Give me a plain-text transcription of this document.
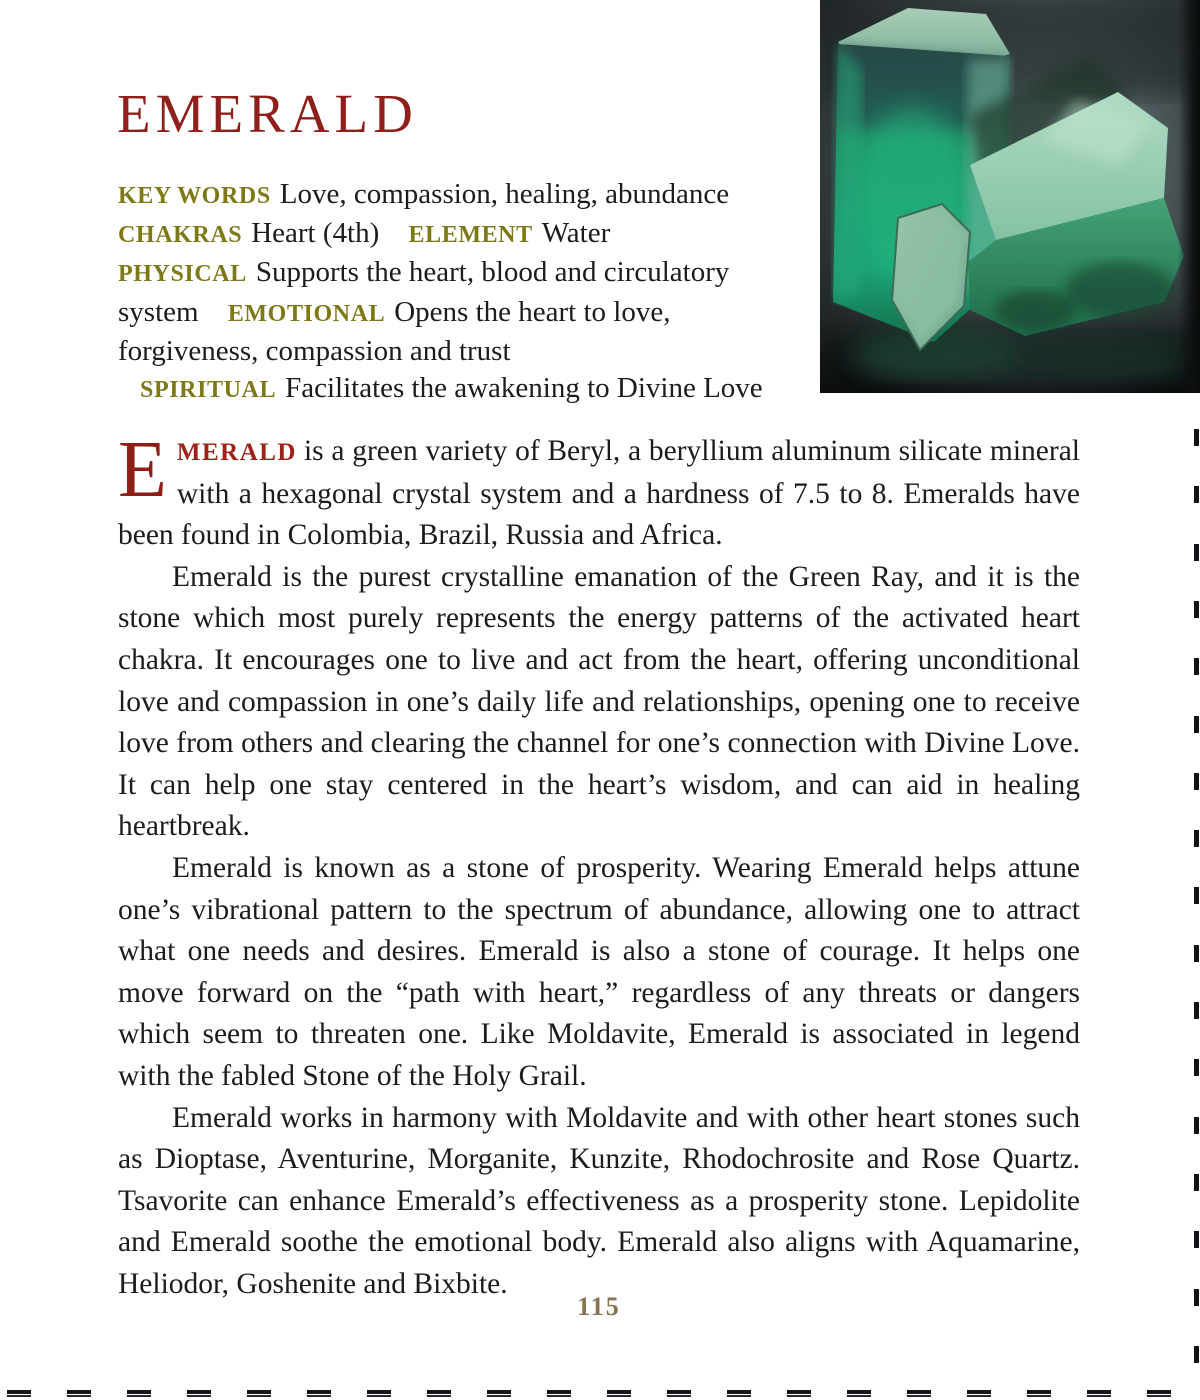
EMERALD
KEY WORDS Love, compassion, healing, abundance
CHAKRAS Heart (4th) ELEMENT Water
PHYSICAL Supports the heart, blood and circulatory system EMOTIONAL Opens the heart to love, forgiveness, compassion and trust SPIRITUAL Facilitates the awakening to Divine Love

EMERALD is a green variety of Beryl, a beryllium aluminum silicate mineral with a hexagonal crystal system and a hardness of 7.5 to 8. Emeralds have been found in Colombia, Brazil, Russia and Africa.

Emerald is the purest crystalline emanation of the Green Ray, and it is the stone which most purely represents the energy patterns of the activated heart chakra. It encourages one to live and act from the heart, offering unconditional love and compassion in one’s daily life and relationships, opening one to receive love from others and clearing the channel for one’s connection with Divine Love. It can help one stay centered in the heart’s wisdom, and can aid in healing heartbreak.

Emerald is known as a stone of prosperity. Wearing Emerald helps attune one’s vibrational pattern to the spectrum of abundance, allowing one to attract what one needs and desires. Emerald is also a stone of courage. It helps one move forward on the “path with heart,” regardless of any threats or dangers which seem to threaten one. Like Moldavite, Emerald is associated in legend with the fabled Stone of the Holy Grail.

Emerald works in harmony with Moldavite and with other heart stones such as Dioptase, Aventurine, Morganite, Kunzite, Rhodochrosite and Rose Quartz. Tsavorite can enhance Emerald’s effectiveness as a prosperity stone. Lepidolite and Emerald soothe the emotional body. Emerald also aligns with Aquamarine, Heliodor, Goshenite and Bixbite.

115
